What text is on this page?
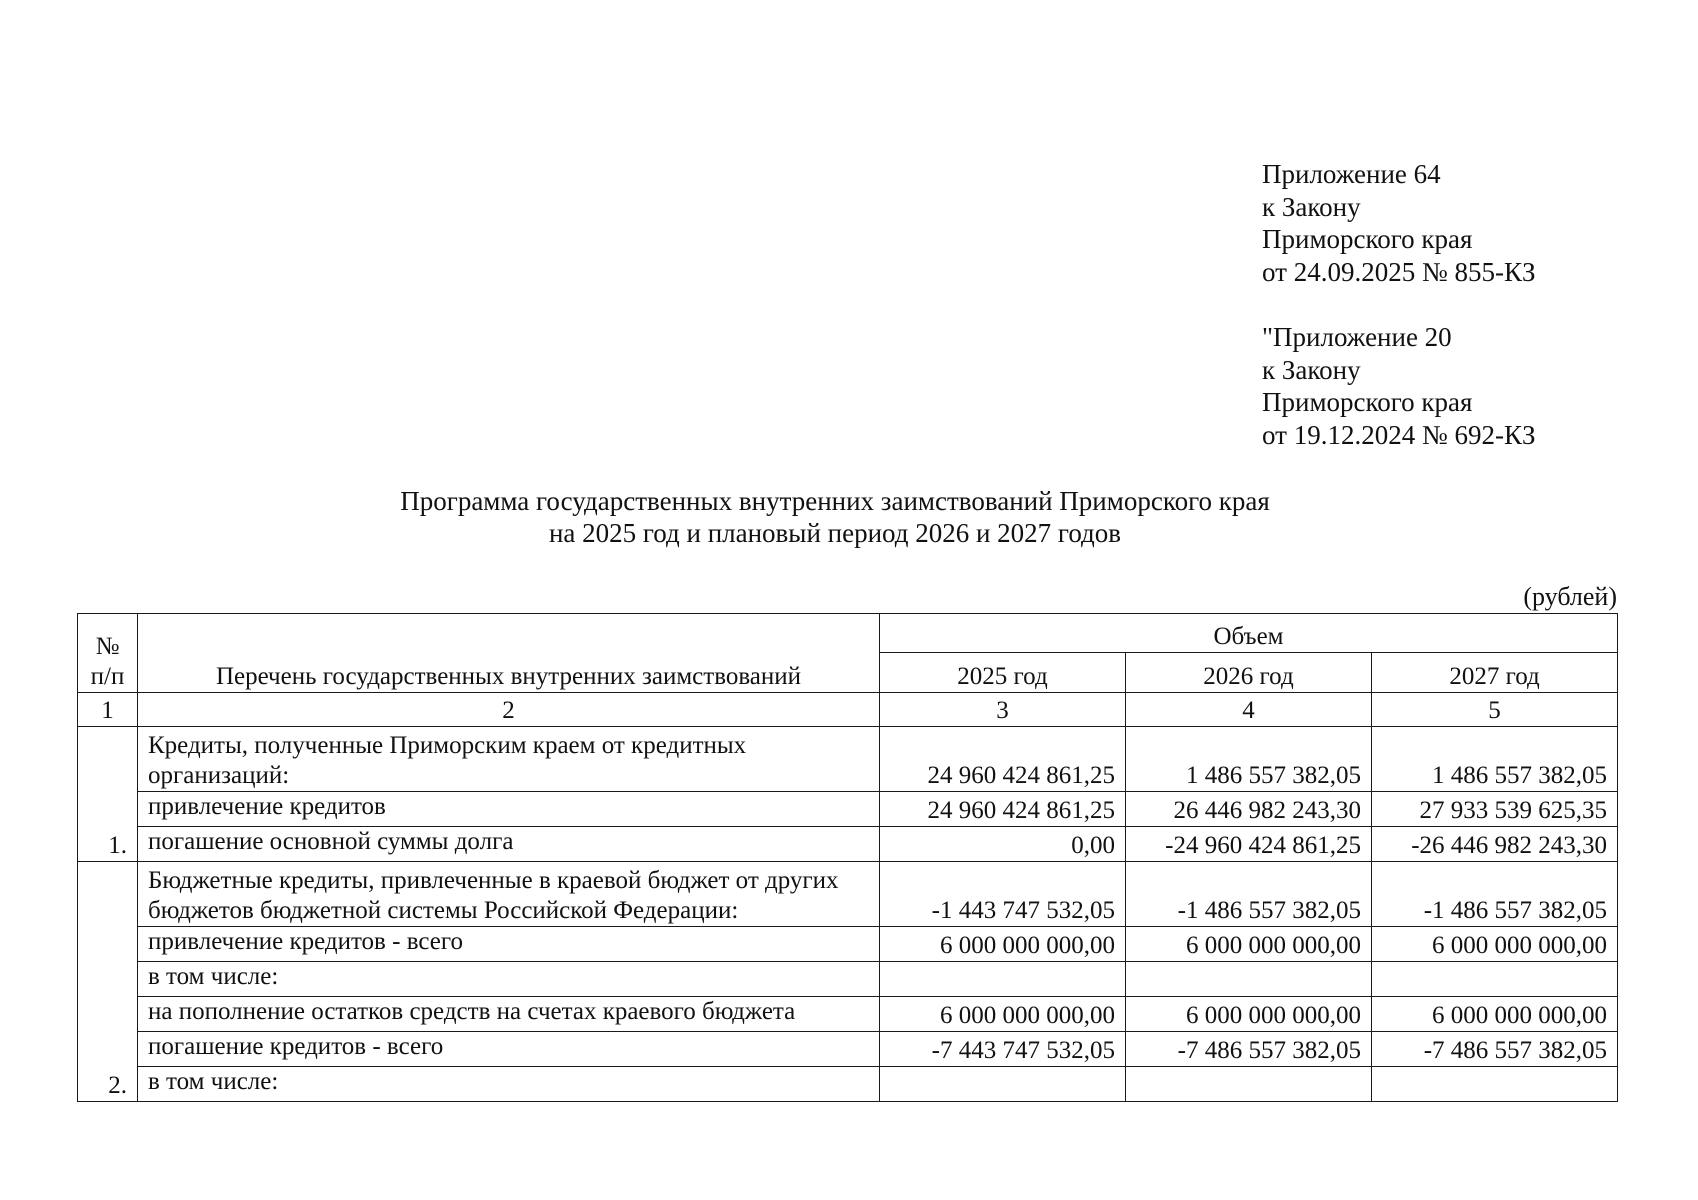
Приложение 64
к Закону
Приморского края
от 24.09.2025 № 855-КЗ
"Приложение 20
к Закону
Приморского края
от 19.12.2024 № 692-КЗ
Программа государственных внутренних заимствований Приморского края
на 2025 год и плановый период 2026 и 2027 годов
(рублей)
№ п/п	Перечень государственных внутренних заимствований	Объем		
		2025 год	2026 год	2027 год
1	2	3	4	5
1.	Кредиты, полученные Приморским краем от кредитных организаций:	24 960 424 861,25	1 486 557 382,05	1 486 557 382,05
	привлечение кредитов	24 960 424 861,25	26 446 982 243,30	27 933 539 625,35
	погашение основной суммы долга	0,00	-24 960 424 861,25	-26 446 982 243,30
2.	Бюджетные кредиты, привлеченные в краевой бюджет от других бюджетов бюджетной системы Российской Федерации:	-1 443 747 532,05	-1 486 557 382,05	-1 486 557 382,05
	привлечение кредитов - всего	6 000 000 000,00	6 000 000 000,00	6 000 000 000,00
	в том числе:			
	на пополнение остатков средств на счетах краевого бюджета	6 000 000 000,00	6 000 000 000,00	6 000 000 000,00
	погашение кредитов - всего	-7 443 747 532,05	-7 486 557 382,05	-7 486 557 382,05
	в том числе:			
